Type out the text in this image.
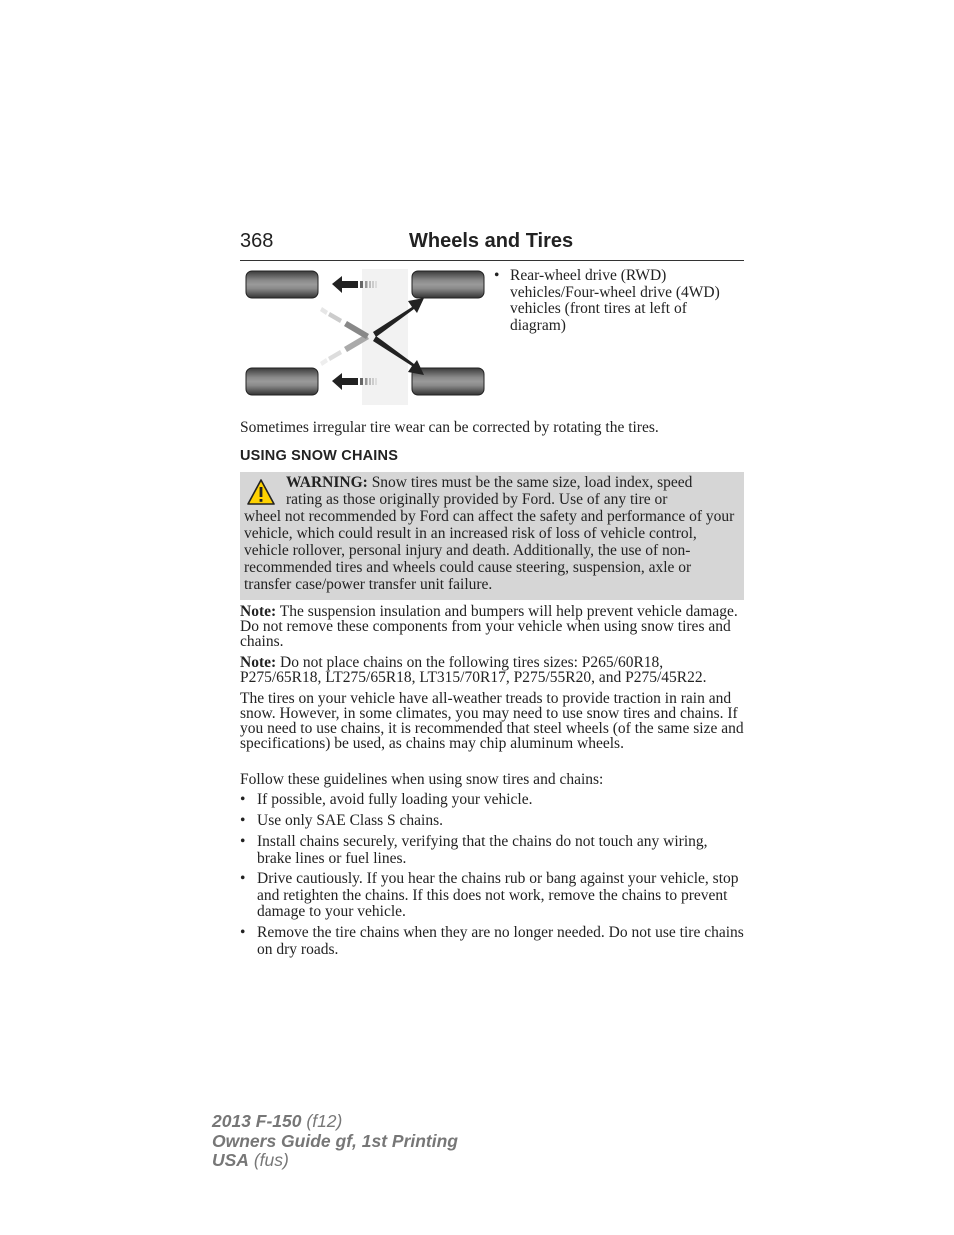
368	Wheels and Tires
• Rear-wheel drive (RWD) vehicles/Four-wheel drive (4WD) vehicles (front tires at left of diagram)
Sometimes irregular tire wear can be corrected by rotating the tires.
USING SNOW CHAINS
WARNING: Snow tires must be the same size, load index, speed
rating as those originally provided by Ford. Use of any tire or
wheel not recommended by Ford can affect the safety and performance of your vehicle, which could result in an increased risk of loss of vehicle control, vehicle rollover, personal injury and death. Additionally, the use of non-recommended tires and wheels could cause steering, suspension, axle or transfer case/power transfer unit failure.
Note: The suspension insulation and bumpers will help prevent vehicle damage. Do not remove these components from your vehicle when using snow tires and chains.
Note: Do not place chains on the following tires sizes: P265/60R18, P275/65R18, LT275/65R18, LT315/70R17, P275/55R20, and P275/45R22.
The tires on your vehicle have all-weather treads to provide traction in rain and snow. However, in some climates, you may need to use snow tires and chains. If you need to use chains, it is recommended that steel wheels (of the same size and specifications) be used, as chains may chip aluminum wheels.
Follow these guidelines when using snow tires and chains:
• If possible, avoid fully loading your vehicle.
• Use only SAE Class S chains.
• Install chains securely, verifying that the chains do not touch any wiring, brake lines or fuel lines.
• Drive cautiously. If you hear the chains rub or bang against your vehicle, stop and retighten the chains. If this does not work, remove the chains to prevent damage to your vehicle.
• Remove the tire chains when they are no longer needed. Do not use tire chains on dry roads.
2013 F-150 (f12)
Owners Guide gf, 1st Printing
USA (fus)
